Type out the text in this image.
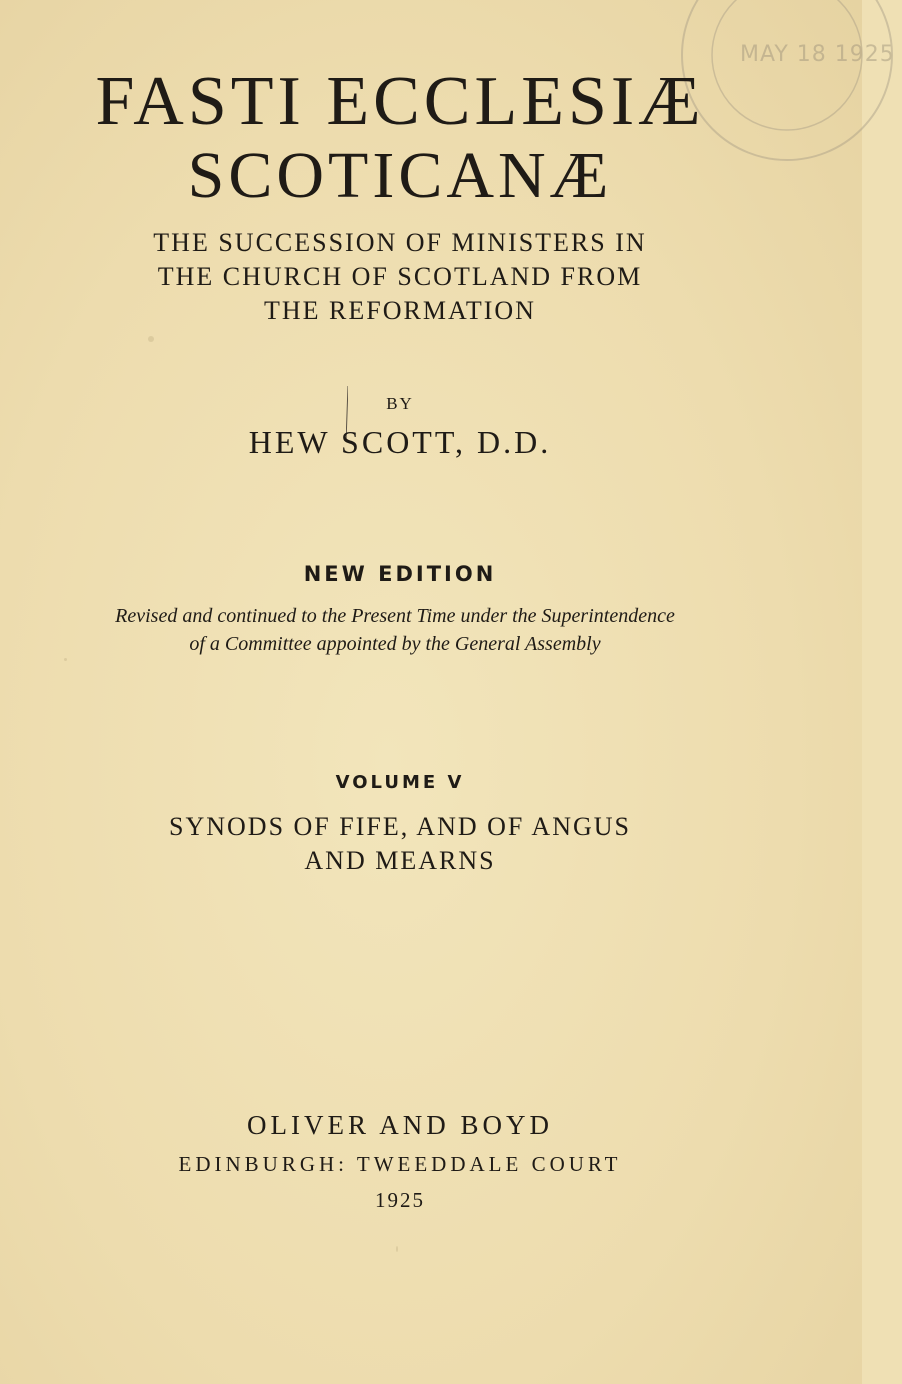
MAY 18 1925
FASTI ECCLESIÆ
SCOTICANÆ
THE SUCCESSION OF MINISTERS IN
THE CHURCH OF SCOTLAND FROM
THE REFORMATION
BY
HEW SCOTT, D.D.
NEW EDITION
Revised and continued to the Present Time under the Superintendence
of a Committee appointed by the General Assembly
VOLUME V
SYNODS OF FIFE, AND OF ANGUS
AND MEARNS
OLIVER AND BOYD
EDINBURGH: TWEEDDALE COURT
1925
